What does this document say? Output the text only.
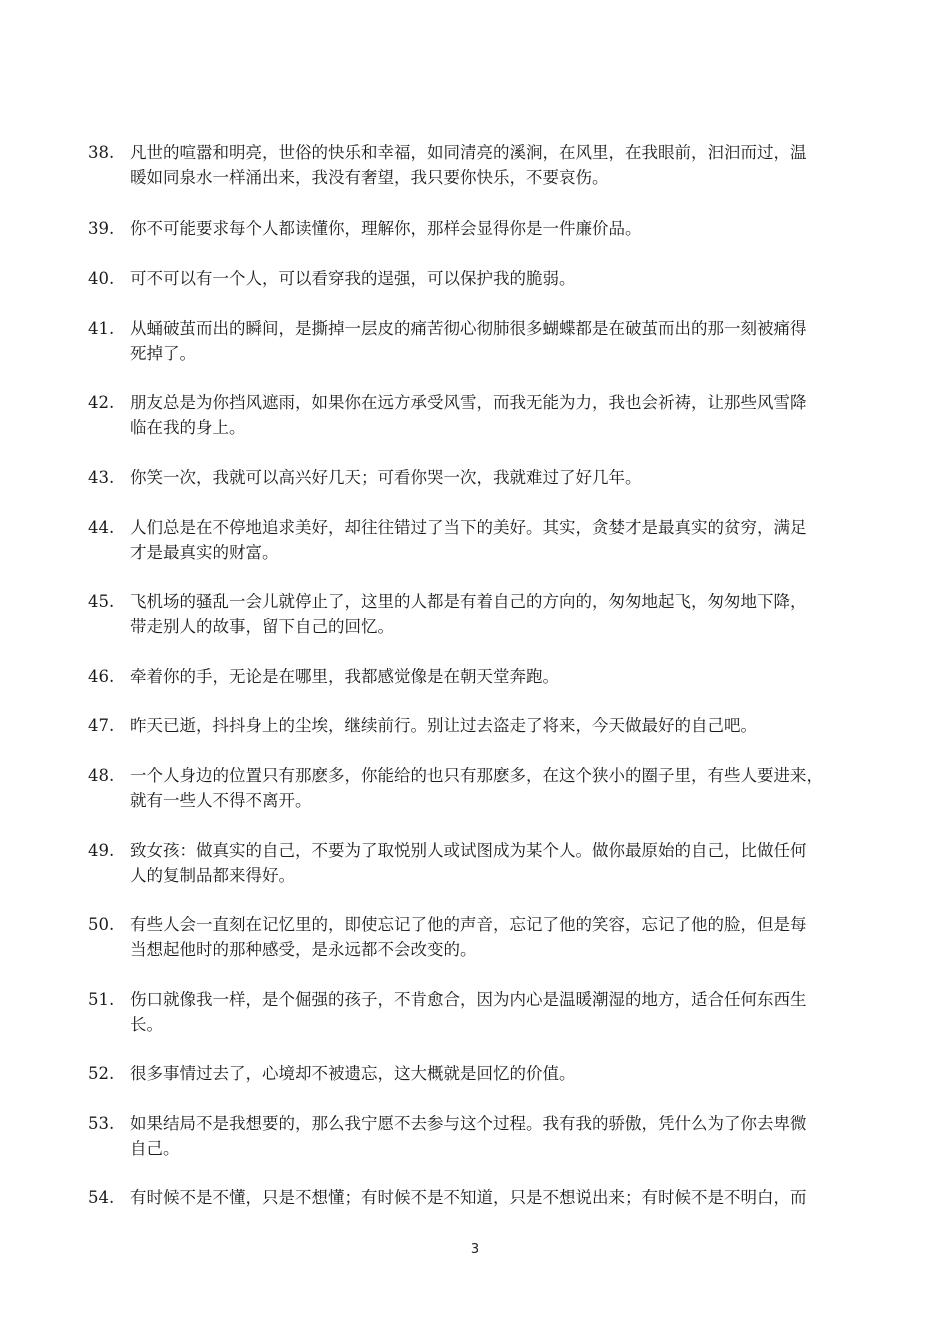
38. 凡世的喧嚣和明亮，世俗的快乐和幸福，如同清亮的溪涧，在风里，在我眼前，汩汩而过，温
暖如同泉水一样涌出来，我没有奢望，我只要你快乐，不要哀伤。
39. 你不可能要求每个人都读懂你，理解你，那样会显得你是一件廉价品。
40. 可不可以有一个人，可以看穿我的逞强，可以保护我的脆弱。
41. 从蛹破茧而出的瞬间，是撕掉一层皮的痛苦彻心彻肺很多蝴蝶都是在破茧而出的那一刻被痛得
死掉了。
42. 朋友总是为你挡风遮雨，如果你在远方承受风雪，而我无能为力，我也会祈祷，让那些风雪降
临在我的身上。
43. 你笑一次，我就可以高兴好几天；可看你哭一次，我就难过了好几年。
44. 人们总是在不停地追求美好，却往往错过了当下的美好。其实，贪婪才是最真实的贫穷，满足
才是最真实的财富。
45. 飞机场的骚乱一会儿就停止了，这里的人都是有着自己的方向的，匆匆地起飞，匆匆地下降，
带走别人的故事，留下自己的回忆。
46. 牵着你的手，无论是在哪里，我都感觉像是在朝天堂奔跑。
47. 昨天已逝，抖抖身上的尘埃，继续前行。别让过去盗走了将来，今天做最好的自己吧。
48. 一个人身边的位置只有那麽多，你能给的也只有那麽多，在这个狭小的圈子里，有些人要进来，
就有一些人不得不离开。
49. 致女孩：做真实的自己，不要为了取悦别人或试图成为某个人。做你最原始的自己，比做任何
人的复制品都来得好。
50. 有些人会一直刻在记忆里的，即使忘记了他的声音，忘记了他的笑容，忘记了他的脸，但是每
当想起他时的那种感受，是永远都不会改变的。
51. 伤口就像我一样，是个倔强的孩子，不肯愈合，因为内心是温暖潮湿的地方，适合任何东西生
长。
52. 很多事情过去了，心境却不被遗忘，这大概就是回忆的价值。
53. 如果结局不是我想要的，那么我宁愿不去参与这个过程。我有我的骄傲，凭什么为了你去卑微
自己。
54. 有时候不是不懂，只是不想懂；有时候不是不知道，只是不想说出来；有时候不是不明白，而
3
